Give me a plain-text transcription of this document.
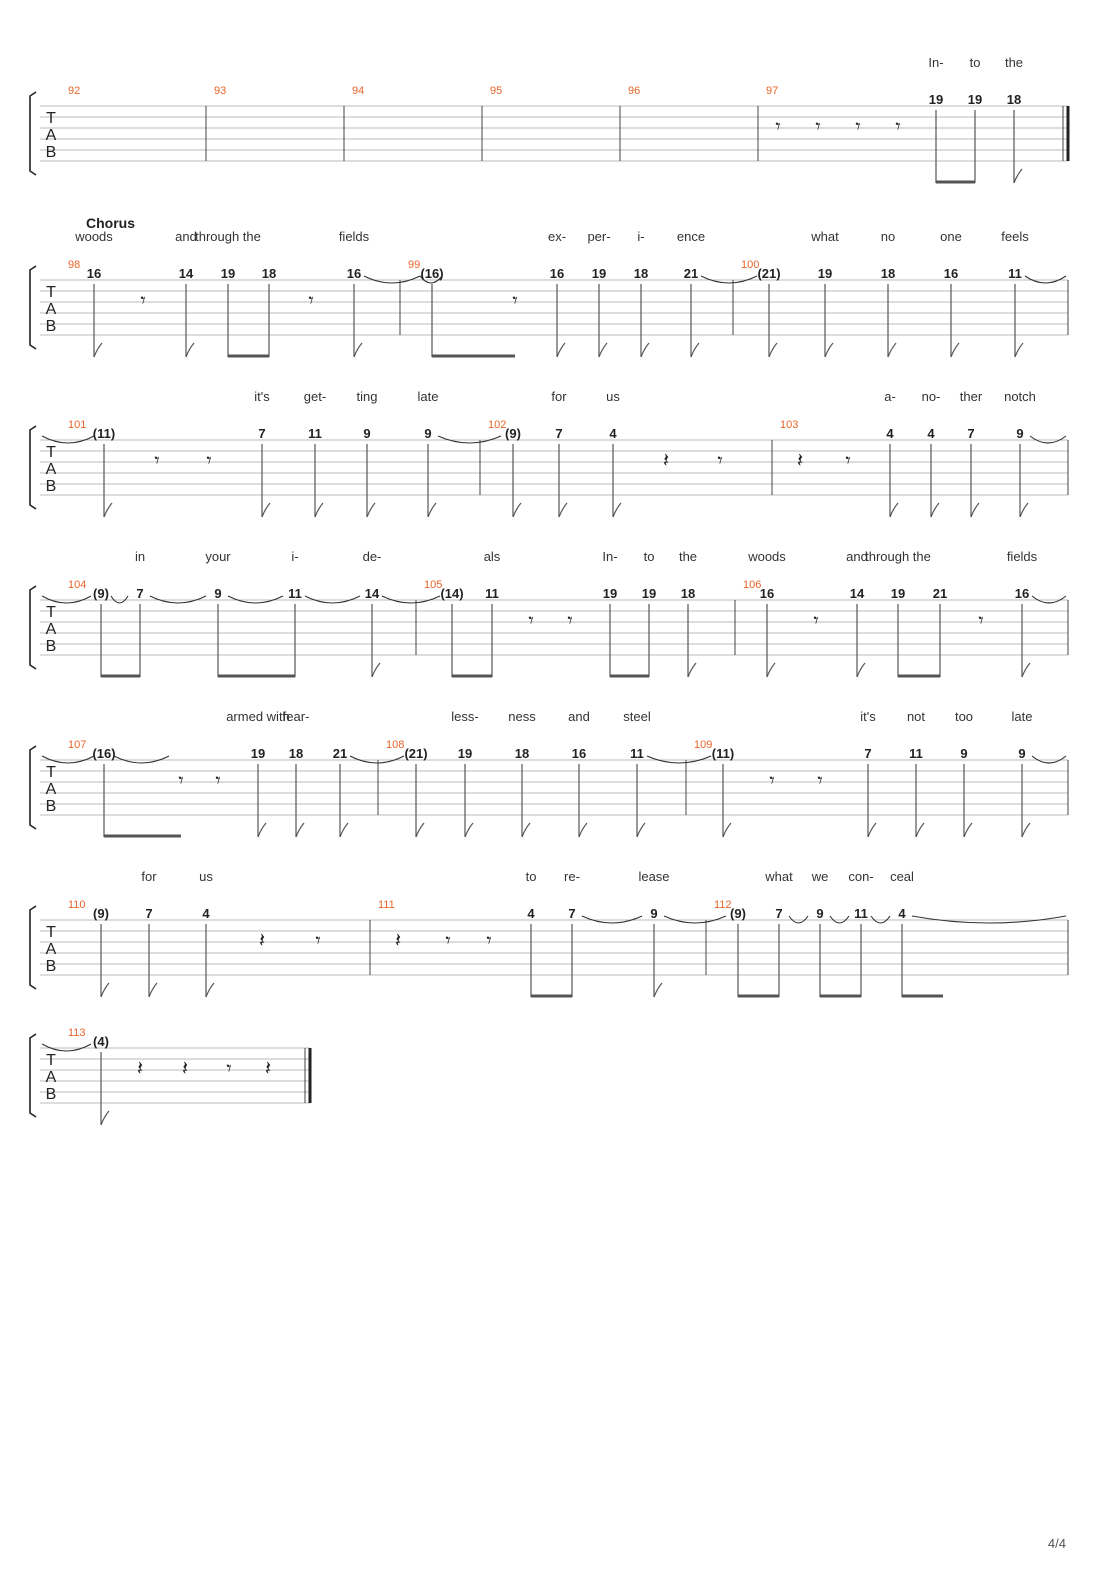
T
A
B
92	93	94	95	96	97
𝄾 𝄾 𝄾 𝄾
19
In-
19
to
18
the
T
A
B
Chorus
98
16
woods
𝄾
14
and
19
through the
18
𝄾
16
fields
99
(16)
𝄾
16
ex-
19
per-
18
i-
21
ence
100
(21)	19
what
18
no
16
one
11
feels
T
A
B
101
(11)
𝄾 𝄾
7
it's
11
get-
9
ting
9
late
102
(9)	7
for
4
us
𝄽 𝄾
103
𝄽 𝄾
4
a-
4
no-
7
ther
9
notch
T
A
B
104
(9) 7
in
9
your
11
i-
14
de-
105
(14) 11
als
𝄾 𝄾
19
In-
19
to
18
the
106
16
woods
𝄾
14
and
19
through the
21
𝄾
16
fields
T
A
B
107
(16)
𝄾 𝄾
19
armed with
18
fear-
21
108
(21) 19
less-
18
ness
16
and
11
steel
109
(11)
𝄾 𝄾
7
it's
11
not
9
too
9
late
T
A
B
110
(9)	7
for
4
us
𝄽	𝄾
111
𝄽 𝄾 𝄾
4
to
7
re-
9
lease
112
(9) 7
what
9
we
11
con-
4
ceal
T
A
B
113
(4)
𝄽 𝄽 𝄾 𝄽
4/4
